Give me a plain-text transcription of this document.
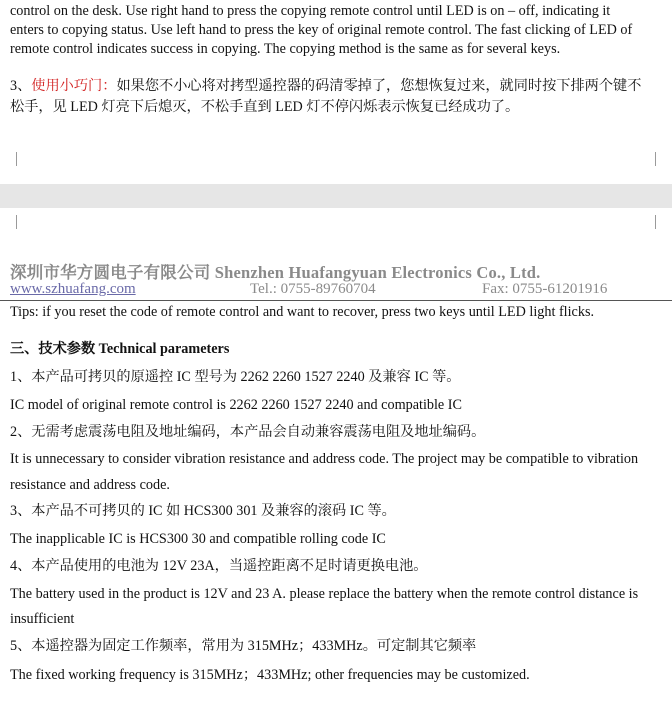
control on the desk. Use right hand to press the copying remote control until LED is on – off, indicating it
enters to copying status. Use left hand to press the key of original remote control. The fast clicking of LED of
remote control indicates success in copying. The copying method is the same as for several keys.
3、使用小巧门：如果您不小心将对拷型遥控器的码清零掉了，您想恢复过来，就同时按下排两个键不
松手，见 LED 灯亮下后熄灭，不松手直到 LED 灯不停闪烁表示恢复已经成功了。
深圳市华方圆电子有限公司 Shenzhen Huafangyuan Electronics Co., Ltd.
www.szhuafang.com	Tel.: 0755-89760704	Fax: 0755-61201916
Tips: if you reset the code of remote control and want to recover, press two keys until LED light flicks.
三、技术参数 Technical parameters
1、本产品可拷贝的原遥控 IC 型号为 2262 2260 1527 2240 及兼容 IC 等。
IC model of original remote control is 2262 2260 1527 2240 and compatible IC
2、无需考虑震荡电阻及地址编码，本产品会自动兼容震荡电阻及地址编码。
It is unnecessary to consider vibration resistance and address code. The project may be compatible to vibration
resistance and address code.
3、本产品不可拷贝的 IC 如 HCS300 301 及兼容的滚码 IC 等。
The inapplicable IC is HCS300 30 and compatible rolling code IC
4、本产品使用的电池为 12V 23A，当遥控距离不足时请更换电池。
The battery used in the product is 12V and 23 A. please replace the battery when the remote control distance is
insufficient
5、本遥控器为固定工作频率，常用为 315MHz；433MHz。可定制其它频率
The fixed working frequency is 315MHz；433MHz; other frequencies may be customized.
